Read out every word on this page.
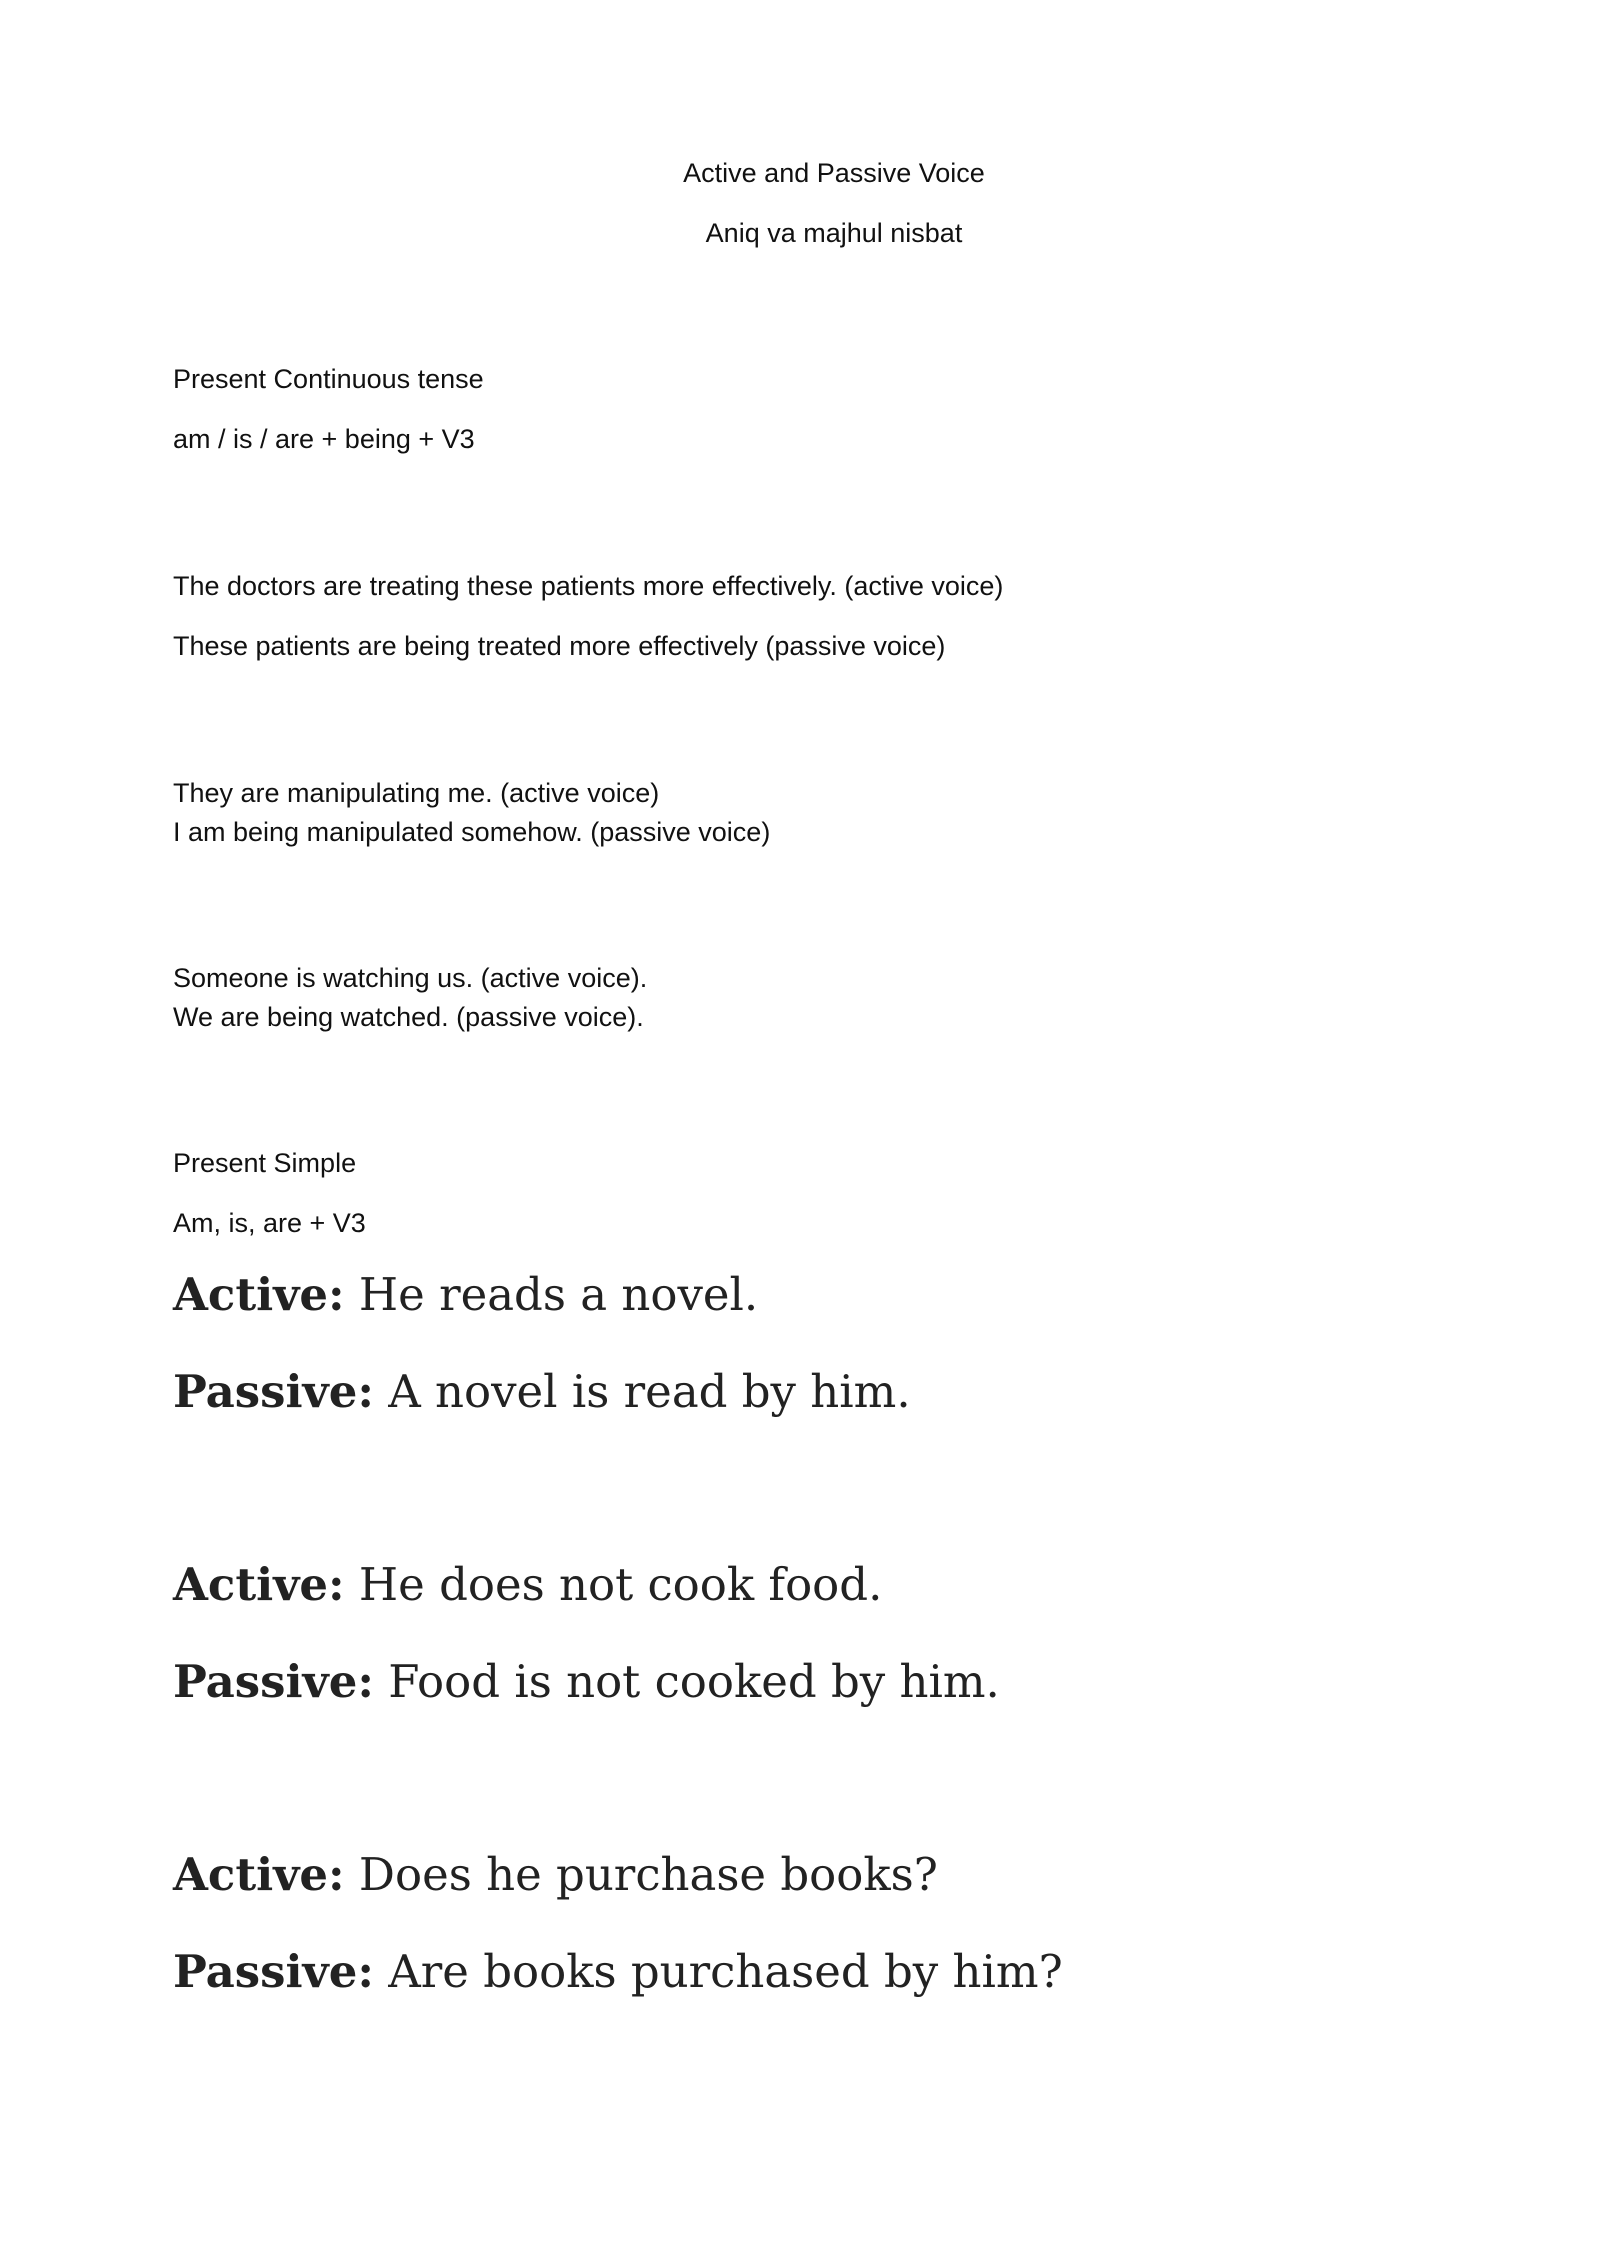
Active and Passive Voice

Aniq va majhul nisbat

Present Continuous tense

am / is / are + being + V3

The doctors are treating these patients more effectively. (active voice)

These patients are being treated more effectively (passive voice)

They are manipulating me. (active voice)

I am being manipulated somehow. (passive voice)

Someone is watching us. (active voice).

We are being watched. (passive voice).

Present Simple

Am, is, are + V3

Active: He reads a novel.

Passive: A novel is read by him.

Active: He does not cook food.

Passive: Food is not cooked by him.

Active: Does he purchase books?

Passive: Are books purchased by him?
